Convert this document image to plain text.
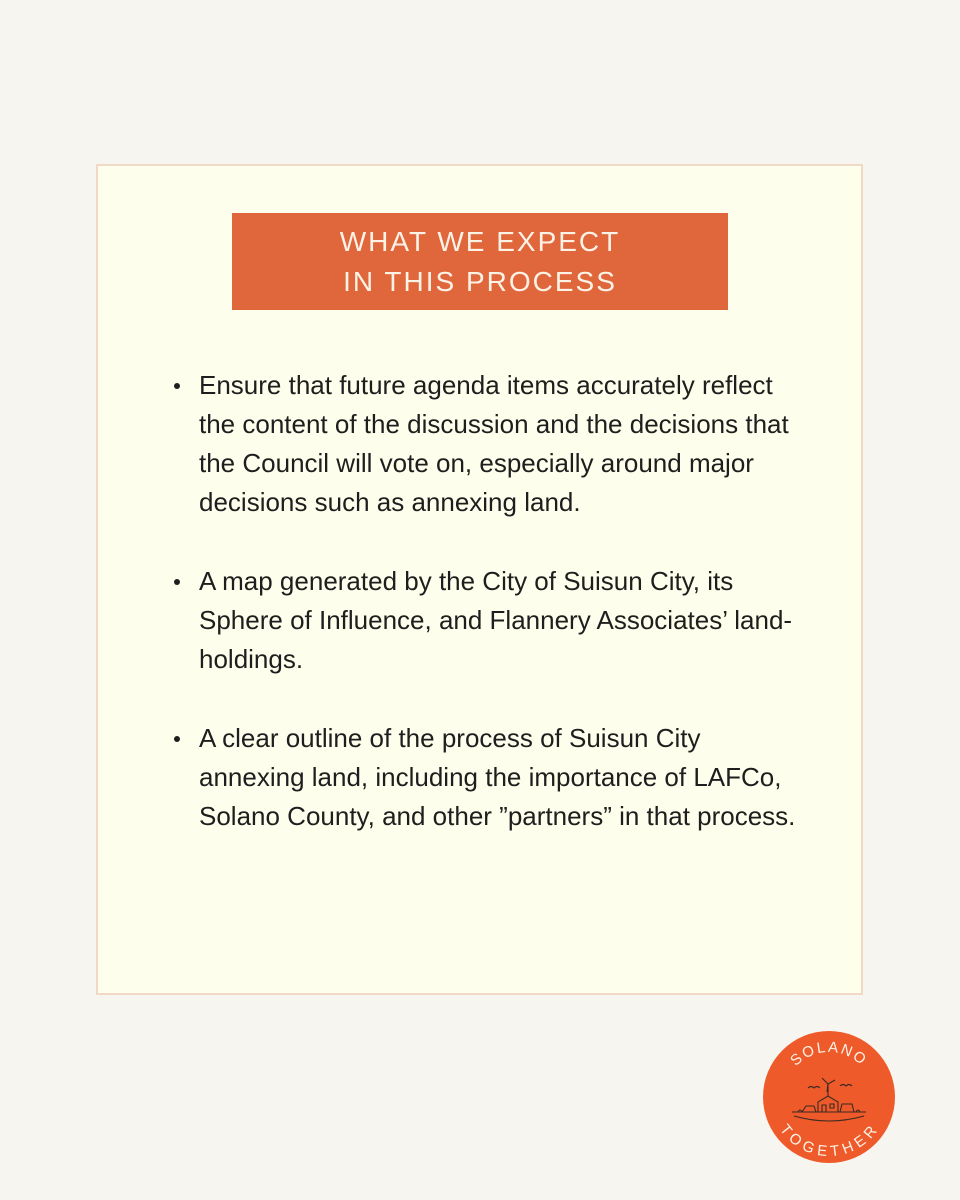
WHAT WE EXPECT
IN THIS PROCESS
Ensure that future agenda items accurately reflect the content of the discussion and the decisions that the Council will vote on, especially around major decisions such as annexing land.
A map generated by the City of Suisun City, its Sphere of Influence, and Flannery Associates’ land-holdings.
A clear outline of the process of Suisun City annexing land, including the importance of LAFCo, Solano County, and other ”partners” in that process.
SOLANO
TOGETHER
